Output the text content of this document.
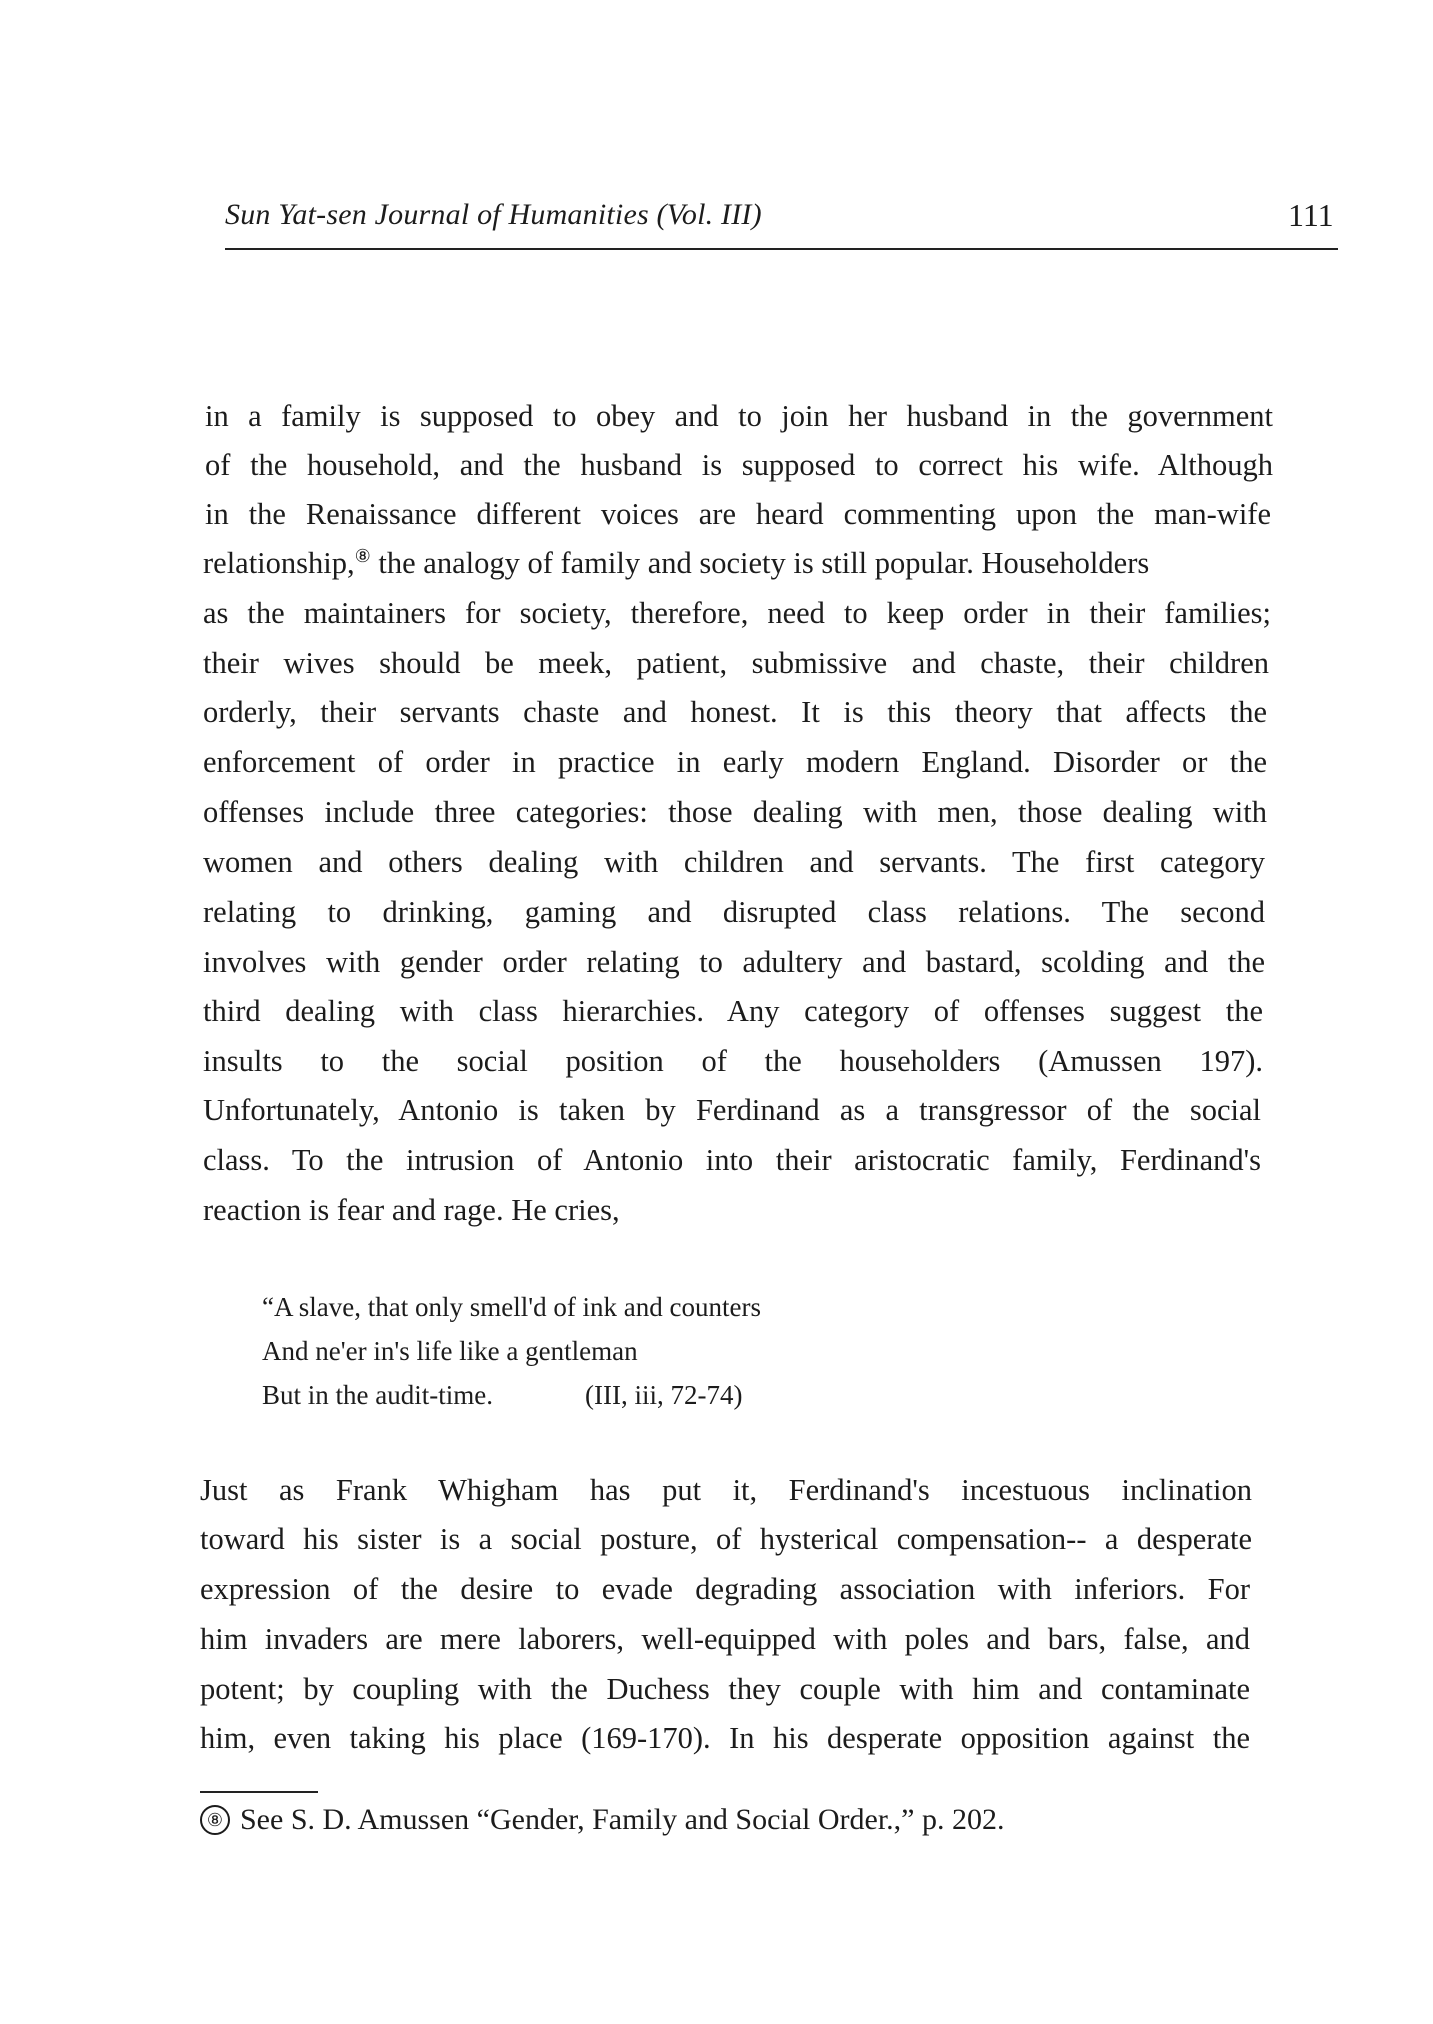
Sun Yat-sen Journal of Humanities (Vol. III)	111
in a family is supposed to obey and to join her husband in the government
of the household, and the husband is supposed to correct his wife. Although
in the Renaissance different voices are heard commenting upon the man-wife
relationship,⑧ the analogy of family and society is still popular. Householders
as the maintainers for society, therefore, need to keep order in their families;
their wives should be meek, patient, submissive and chaste, their children
orderly, their servants chaste and honest. It is this theory that affects the
enforcement of order in practice in early modern England. Disorder or the
offenses include three categories: those dealing with men, those dealing with
women and others dealing with children and servants. The first category
relating to drinking, gaming and disrupted class relations. The second
involves with gender order relating to adultery and bastard, scolding and the
third dealing with class hierarchies. Any category of offenses suggest the
insults to the social position of the householders (Amussen 197).
Unfortunately, Antonio is taken by Ferdinand as a transgressor of the social
class. To the intrusion of Antonio into their aristocratic family, Ferdinand's
reaction is fear and rage. He cries,
“A slave, that only smell'd of ink and counters
And ne'er in's life like a gentleman
But in the audit-time.	(III, iii, 72-74)
Just as Frank Whigham has put it, Ferdinand's incestuous inclination
toward his sister is a social posture, of hysterical compensation-- a desperate
expression of the desire to evade degrading association with inferiors. For
him invaders are mere laborers, well-equipped with poles and bars, false, and
potent; by coupling with the Duchess they couple with him and contaminate
him, even taking his place (169-170). In his desperate opposition against the
⑧ See S. D. Amussen “Gender, Family and Social Order.,” p. 202.
